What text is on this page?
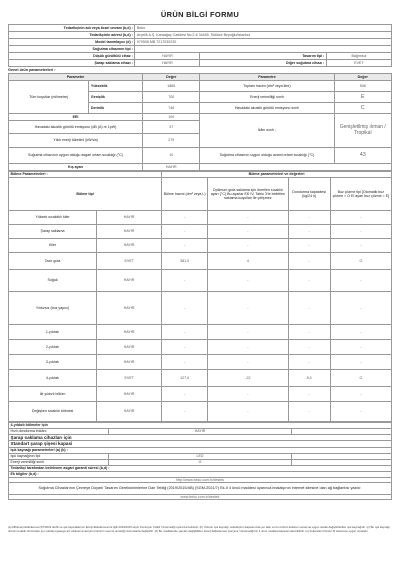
ÜRÜN BİLGİ FORMU
Tedarikçinin adı veya ticari unvanı (b,d) :	Beko		
Tedarikçinin adresi (b,d) :	Arçelik A.Ş. Karaağaç Caddesi No:2-6 34445, Sütlüce Beyoğlu/İstanbul		
Model tanımlayıcı (d) :	970508 MB 7217030230		
Soğutma cihazının tipi :			
Düşük gürültülü cihaz :	HAYIR	Tasarım tipi :	Bağımsız
Şarap saklama cihazı :	HAYIR	Diğer soğutma cihazı :	EVET
Genel ürün parametreleri :
Parametre		Değer	Parametre	Değer
Tüm boyutlar (milimetre)	Yükseklik	1865	Toplam hacim (dm³ veya litre)	508
	Genişlik	700	Enerji verimliliği sınıfı	E
	Derinlik	746	Havadaki akustik gürültü emisyonu sınıfı	C
EEI		100	İklim sınıfı :	Genişletilmiş ılıman / Tropikal
Havadaki akustik gürültü emisyonu (dB (A) re 1pW)		37		
Yıllık enerji tüketimi (kWh/a)		279		
Soğutma cihazının uygun olduğu asgari ortam sıcaklığı (°C)		10	Soğutma cihazının uygun olduğu azami ortam sıcaklığı (°C)	43
Kış ayarı		HAYIR		
Bölme Parametreleri :		Bölme parametreleri ve değerleri			
Bölme tipi		Bölme hacmi (dm³ veya L)	Optimum gıda saklama için önerilen sıcaklık ayarı (°C) Bu ayarlar EK IV, Tablo 3'te belirtilen saklama koşulları ile çelişmez	Dondurma kapasitesi (kg/24 h)	Buz çözme tipi [Otomatik buz çözme = O El ayarı buz çözme = E]
Yüksek sıcaklıklı kiler	HAYIR	-	-	-	-
Şarap saklama	HAYIR	-	-	-	-
Kiler	HAYIR	-	-	-	-
Taze gıda	EVET	381,0	4	-	O
Soğuk	HAYIR	-	-	-	-
Yıldızsız (buz yapıcı)	HAYIR	-	-	-	-
1-yıldızlı	HAYIR	-	-	-	-
2-yıldızlı	HAYIR	-	-	-	-
3-yıldızlı	HAYIR	-	-	-	-
4-yıldızlı	EVET	127,0	-22	8,0	O
İki yıldızlı bölüm	HAYIR	-	-	-	-
Değişken sıcaklık bölmesi	HAYIR	-	-	-	-
4-yıldızlı bölmeler için		
Hızlı dondurma imkânı	HAYIR	
Şarap saklama cihazları için		
Standart şarap şişesi kapasi		
Işık kaynağı parametreleri (a) (b) :		
Işık kaynağının tipi	LED	
Enerji verimliliği sınıfı	G	
Tedarikçi tarafından belirlenen asgari garanti süresi (b,d) :		
Ek bilgiler (b,d) :		
http://www.beko.com.tr/destek		
Soğutma Cihazlarının Çevreye Duyarlı Tasarım Gereksinimlerine Dair Tebliğ (2019/2015/AB) (SGM-2021/7) Ek-II 4 üncü maddesi uyarınca imalatçının internet sitesine olan ağ bağlantısı yazılır.		
www.beko.com.tr/destek		
(a) AB Enerji Etiketlemesi 5/7/2019 tarihli ve ışık kaynaklarının Enerji Etiketlemesi ile ilgili 2019/2015 sayılı Komisyon Yetkili Yönetmeliği uyarınca belirlenir. (b) Ürünün ışık kaynağı, tedarikçinin kapsamında yer alan ve bu ürünün kullanım amacına uygun olarak değiştirilebilen ışık kaynağıdır. (c) Bu ışık kaynağı, ürünün tedarik zincirinden ayrı olarak piyasaya arz edilmek amacıyla ürünlerin mevcut olmadığı durumlarda değiştirilir. (d) Bu maddelerde yapılan değişiklikler, Enerji Etiketlemesi Çerçeve Yönetmeliği'nin 4 üncü maddesi kapsamında bildirilir. (e) Kullanılan birimler SI sistemine uygun olmalıdır.
